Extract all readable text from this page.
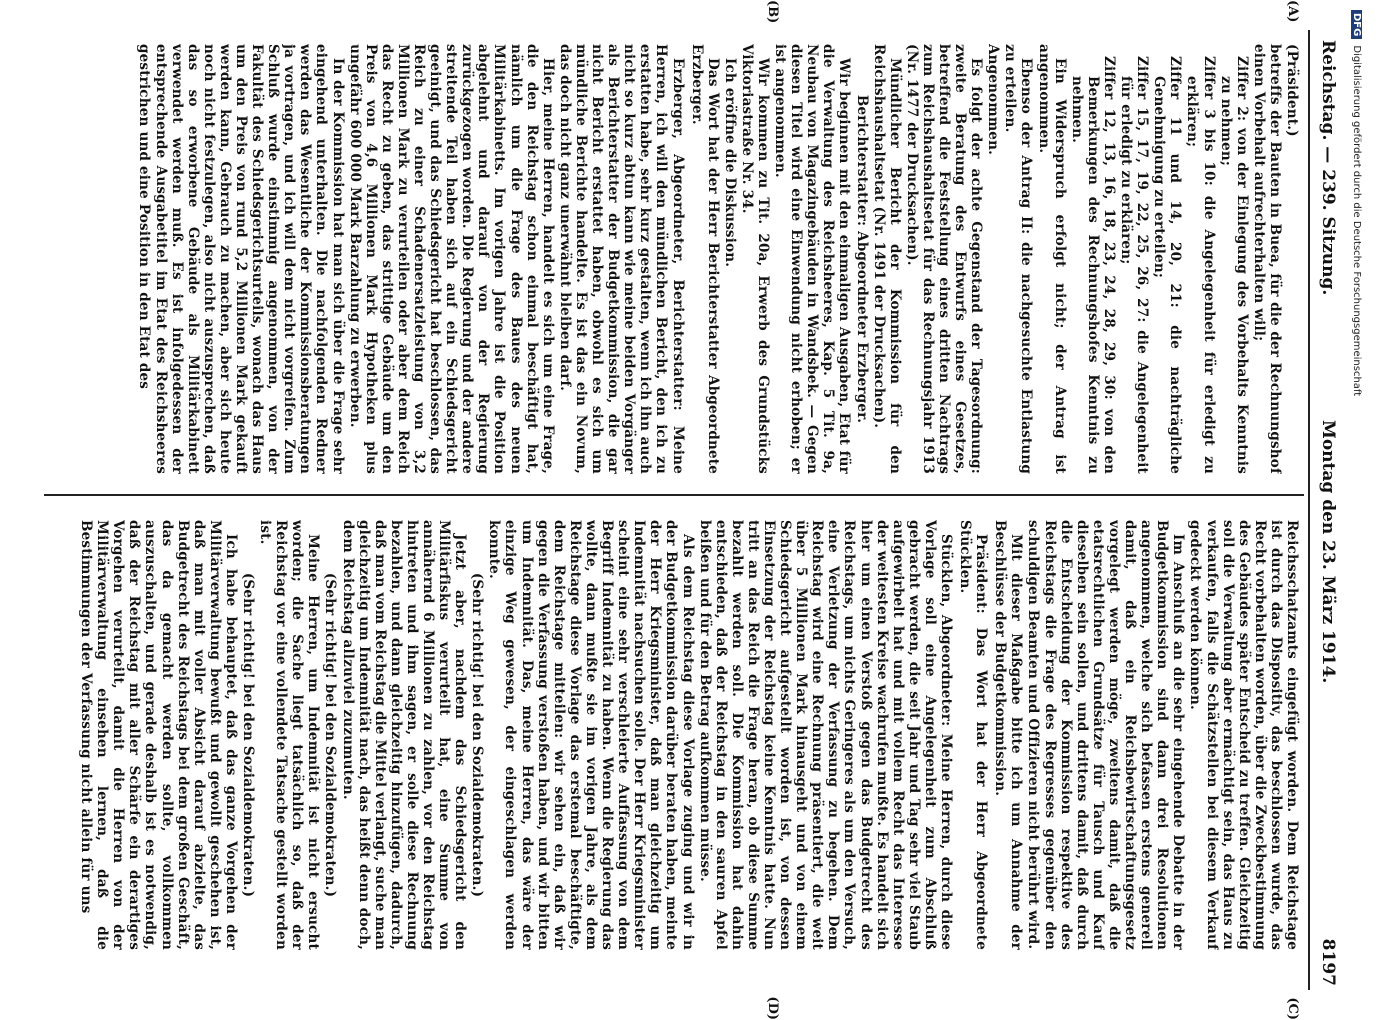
Reichstag. — 239. Sitzung.
Montag den 23. März 1914.
8197
(A)
(B)
(C)
(D)

(Präsident.)

betreffs der Bauten in Buea, für die der Rechnungshof einen Vorbehalt aufrechterhalten will;

Ziffer 2: von der Einlegung des Vorbehalts Kenntnis zu nehmen;

Ziffer 3 bis 10: die Angelegenheit für erledigt zu erklären;

Ziffer 11 und 14, 20, 21: die nachträgliche Genehmigung zu erteilen;

Ziffer 15, 17, 19, 22, 25, 26, 27: die Angelegenheit für erledigt zu erklären;

Ziffer 12, 13, 16, 18, 23, 24, 28, 29, 30: von den Bemerkungen des Rechnungshofes Kenntnis zu nehmen.

Ein Widerspruch erfolgt nicht; der Antrag ist angenommen.

Ebenso der Antrag II: die nachgesuchte Entlastung zu erteilen.

Angenommen.

Es folgt der achte Gegenstand der Tagesordnung: zweite Beratung des Entwurfs eines Gesetzes, betreffend die Feststellung eines dritten Nachtrags zum Reichshaushaltsetat für das Rechnungsjahr 1913 (Nr. 1477 der Drucksachen).

Mündlicher Bericht der Kommission für den Reichshaushaltsetat (Nr. 1491 der Drucksachen).

Berichterstatter: Abgeordneter Erzberger.

Wir beginnen mit den einmaligen Ausgaben, Etat für die Verwaltung des Reichsheeres, Kap. 5 Tit. 9a, Neubau von Magazingebäuden in Wandsbek. — Gegen diesen Titel wird eine Einwendung nicht erhoben; er ist angenommen.

Wir kommen zu Tit. 20a, Erwerb des Grundstücks Viktoriastraße Nr. 34.

Ich eröffne die Diskussion.

Das Wort hat der Herr Berichterstatter Abgeordnete Erzberger.

Erzberger, Abgeordneter, Berichterstatter: Meine Herren, ich will den mündlichen Bericht, den ich zu erstatten habe, sehr kurz gestalten, wenn ich ihn auch nicht so kurz abtun kann wie meine beiden Vorgänger als Berichterstatter der Budgetkommission, die gar nicht Bericht erstattet haben, obwohl es sich um mündliche Berichte handelte. Es ist das ein Novum, das doch nicht ganz unerwähnt bleiben darf.

Hier, meine Herren, handelt es sich um eine Frage, die den Reichstag schon einmal beschäftigt hat, nämlich um die Frage des Baues des neuen Militärkabinetts. Im vorigen Jahre ist die Position abgelehnt und darauf von der Regierung zurückgezogen worden. Die Regierung und der andere streitende Teil haben sich auf ein Schiedsgericht geeinigt, und das Schiedsgericht hat beschlossen, das Reich zu einer Schadenersatzleistung von 3,2 Millionen Mark zu verurteilen oder aber dem Reich das Recht zu geben, das strittige Gebäude um den Preis von 4,6 Millionen Mark Hypotheken plus ungefähr 600 000 Mark Barzahlung zu erwerben.

In der Kommission hat man sich über die Frage sehr eingehend unterhalten. Die nachfolgenden Redner werden das Wesentliche der Kommissionsberatungen ja vortragen, und ich will dem nicht vorgreifen. Zum Schluß wurde einstimmig angenommen, von der Fakultät des Schiedsgerichtsurteils, wonach das Haus um den Preis von rund 5,2 Millionen Mark gekauft werden kann, Gebrauch zu machen, aber sich heute noch nicht festzulegen, also nicht auszusprechen, daß das so erworbene Gebäude als Militärkabinett verwendet werden muß. Es ist infolgedessen der entsprechende Ausgabetitel im Etat des Reichsheeres gestrichen und eine Position in den Etat des

Reichsschatzamts eingefügt worden. Dem Reichstage ist durch das Dispositiv, das beschlossen wurde, das Recht vorbehalten worden, über die Zweckbestimmung des Gebäudes später Entscheid zu treffen. Gleichzeitig soll die Verwaltung aber ermächtigt sein, das Haus zu verkaufen, falls die Schätzstellen bei diesem Verkauf gedeckt werden können.

Im Anschluß an die sehr eingehende Debatte in der Budgetkommission sind dann drei Resolutionen angenommen, welche sich befassen erstens generell damit, daß ein Reichsbewirtschaftungsgesetz vorgelegt werden möge, zweitens damit, daß die etatsrechtlichen Grundsätze für Tausch und Kauf dieselben sein sollen, und drittens damit, daß durch die Entscheidung der Kommission respektive des Reichstags die Frage des Regresses gegenüber den schuldigen Beamten und Offizieren nicht berührt wird.

Mit dieser Maßgabe bitte ich um Annahme der Beschlüsse der Budgetkommission.

Präsident: Das Wort hat der Herr Abgeordnete Stücklen.

Stücklen, Abgeordneter: Meine Herren, durch diese Vorlage soll eine Angelegenheit zum Abschluß gebracht werden, die seit Jahr und Tag sehr viel Staub aufgewirbelt hat und mit vollem Recht das Interesse der weitesten Kreise wachrufen mußte. Es handelt sich hier um einen Verstoß gegen das Budgetrecht des Reichstags, um nichts Geringeres als um den Versuch, eine Verletzung der Verfassung zu begehen. Dem Reichstag wird eine Rechnung präsentiert, die weit über 5 Millionen Mark hinausgeht und von einem Schiedsgericht aufgestellt worden ist, von dessen Einsetzung der Reichstag keine Kenntnis hatte. Nun tritt an das Reich die Frage heran, ob diese Summe bezahlt werden soll. Die Kommission hat dahin entschieden, daß der Reichstag in den sauren Apfel beißen und für den Betrag aufkommen müsse.

Als dem Reichstag diese Vorlage zuging und wir in der Budgetkommission darüber beraten haben, meinte der Herr Kriegsminister, daß man gleichzeitig um Indemnität nachsuchen solle. Der Herr Kriegsminister scheint eine sehr verschleierte Auffassung von dem Begriff Indemnität zu haben. Wenn die Regierung das wollte, dann mußte sie im vorigen Jahre, als dem Reichstage diese Vorlage das erstemal beschäftigte, dem Reichstage mitteilen: wir sehen ein, daß wir gegen die Verfassung verstoßen haben, und wir bitten um Indemnität. Das, meine Herren, das wäre der einzige Weg gewesen, der eingeschlagen werden konnte.

(Sehr richtig! bei den Sozialdemokraten.)

Jetzt aber, nachdem das Schiedsgericht den Militärfiskus verurteilt hat, eine Summe von annähernd 6 Millionen zu zahlen, vor den Reichstag hintreten und ihm sagen, er solle diese Rechnung bezahlen, und dann gleichzeitig hinzufügen, dadurch, daß man vom Reichstag die Mittel verlangt, suche man gleichzeitig um Indemnität nach, das heißt denn doch, dem Reichstag allzuviel zuzumuten.

(Sehr richtig! bei den Sozialdemokraten.)

Meine Herren, um Indemnität ist nicht ersucht worden; die Sache liegt tatsächlich so, daß der Reichstag vor eine vollendete Tatsache gestellt worden ist.

(Sehr richtig! bei den Sozialdemokraten.)

Ich habe behauptet, daß das ganze Vorgehen der Militärverwaltung bewußt und gewollt geschehen ist, daß man mit voller Absicht darauf abzielte, das Budgetrecht des Reichstags bei dem großen Geschäft, das da gemacht werden sollte, vollkommen auszuschalten, und gerade deshalb ist es notwendig, daß der Reichstag mit aller Schärfe ein derartiges Vorgehen verurteilt, damit die Herren von der Militärverwaltung einsehen lernen, daß die Bestimmungen der Verfassung nicht allein für uns

DFGDigitalisierung gefördert durch die Deutsche Forschungsgemeinschaft
